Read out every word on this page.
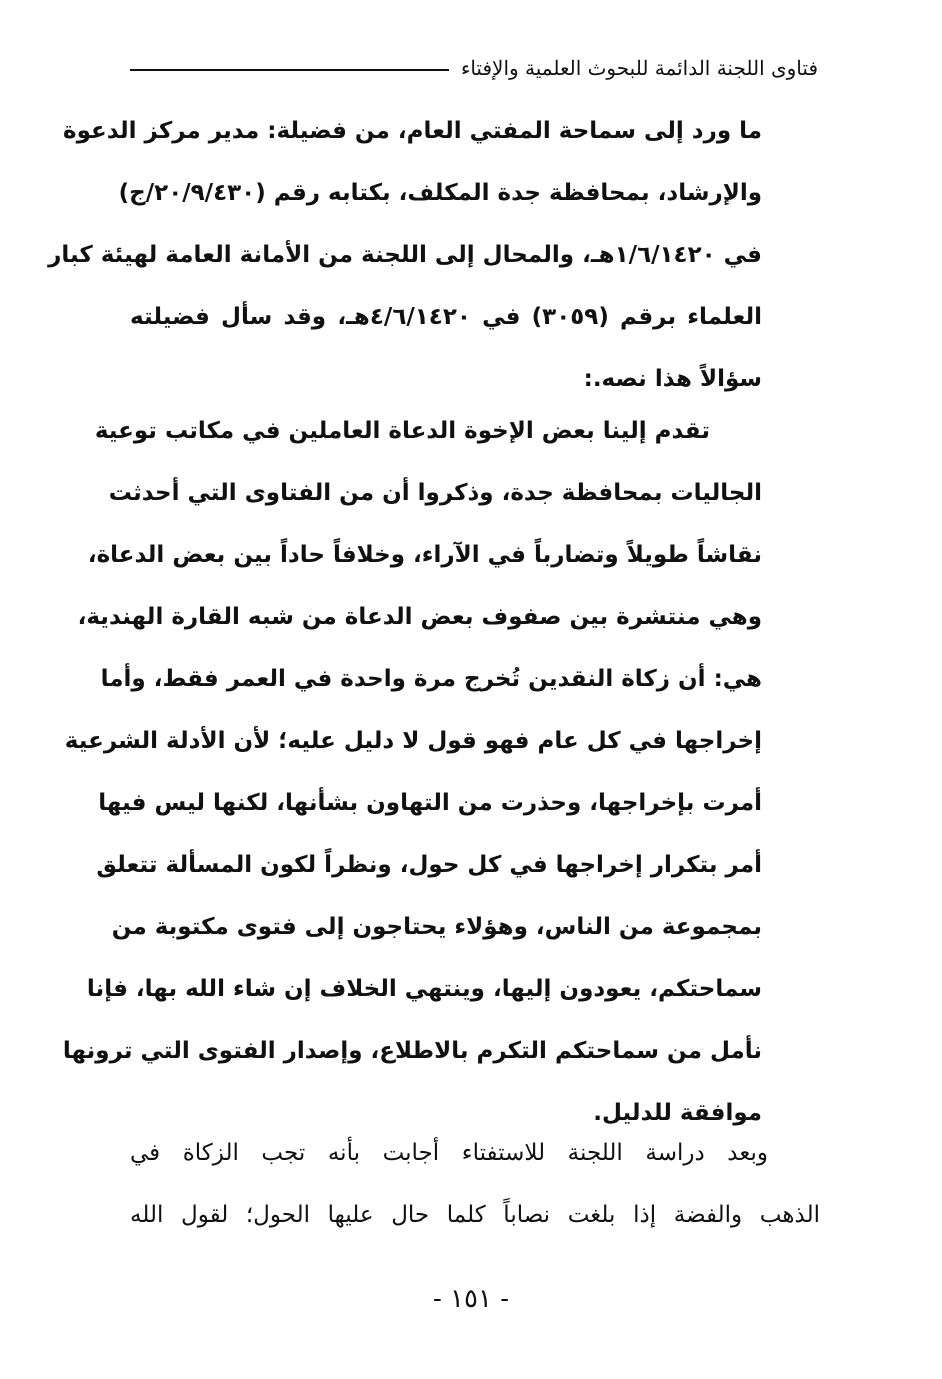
فتاوى اللجنة الدائمة للبحوث العلمية والإفتاء
ما ورد إلى سماحة المفتي العام، من فضيلة: مدير مركز الدعوة
والإرشاد، بمحافظة جدة المكلف، بكتابه رقم (٢٠/٩/٤٣٠/ج)
في ١/٦/١٤٢٠هـ، والمحال إلى اللجنة من الأمانة العامة لهيئة كبار
العلماء برقم (٣٠٥٩) في ٤/٦/١٤٢٠هـ، وقد سأل فضيلته
سؤالاً هذا نصه.:
تقدم إلينا بعض الإخوة الدعاة العاملين في مكاتب توعية
الجاليات بمحافظة جدة، وذكروا أن من الفتاوى التي أحدثت
نقاشاً طويلاً وتضارباً في الآراء، وخلافاً حاداً بين بعض الدعاة،
وهي منتشرة بين صفوف بعض الدعاة من شبه القارة الهندية،
هي: أن زكاة النقدين تُخرج مرة واحدة في العمر فقط، وأما
إخراجها في كل عام فهو قول لا دليل عليه؛ لأن الأدلة الشرعية
أمرت بإخراجها، وحذرت من التهاون بشأنها، لكنها ليس فيها
أمر بتكرار إخراجها في كل حول، ونظراً لكون المسألة تتعلق
بمجموعة من الناس، وهؤلاء يحتاجون إلى فتوى مكتوبة من
سماحتكم، يعودون إليها، وينتهي الخلاف إن شاء الله بها، فإنا
نأمل من سماحتكم التكرم بالاطلاع، وإصدار الفتوى التي ترونها
موافقة للدليل.
وبعد دراسة اللجنة للاستفتاء أجابت بأنه تجب الزكاة في
الذهب والفضة إذا بلغت نصاباً كلما حال عليها الحول؛ لقول الله
- ١٥١ -
